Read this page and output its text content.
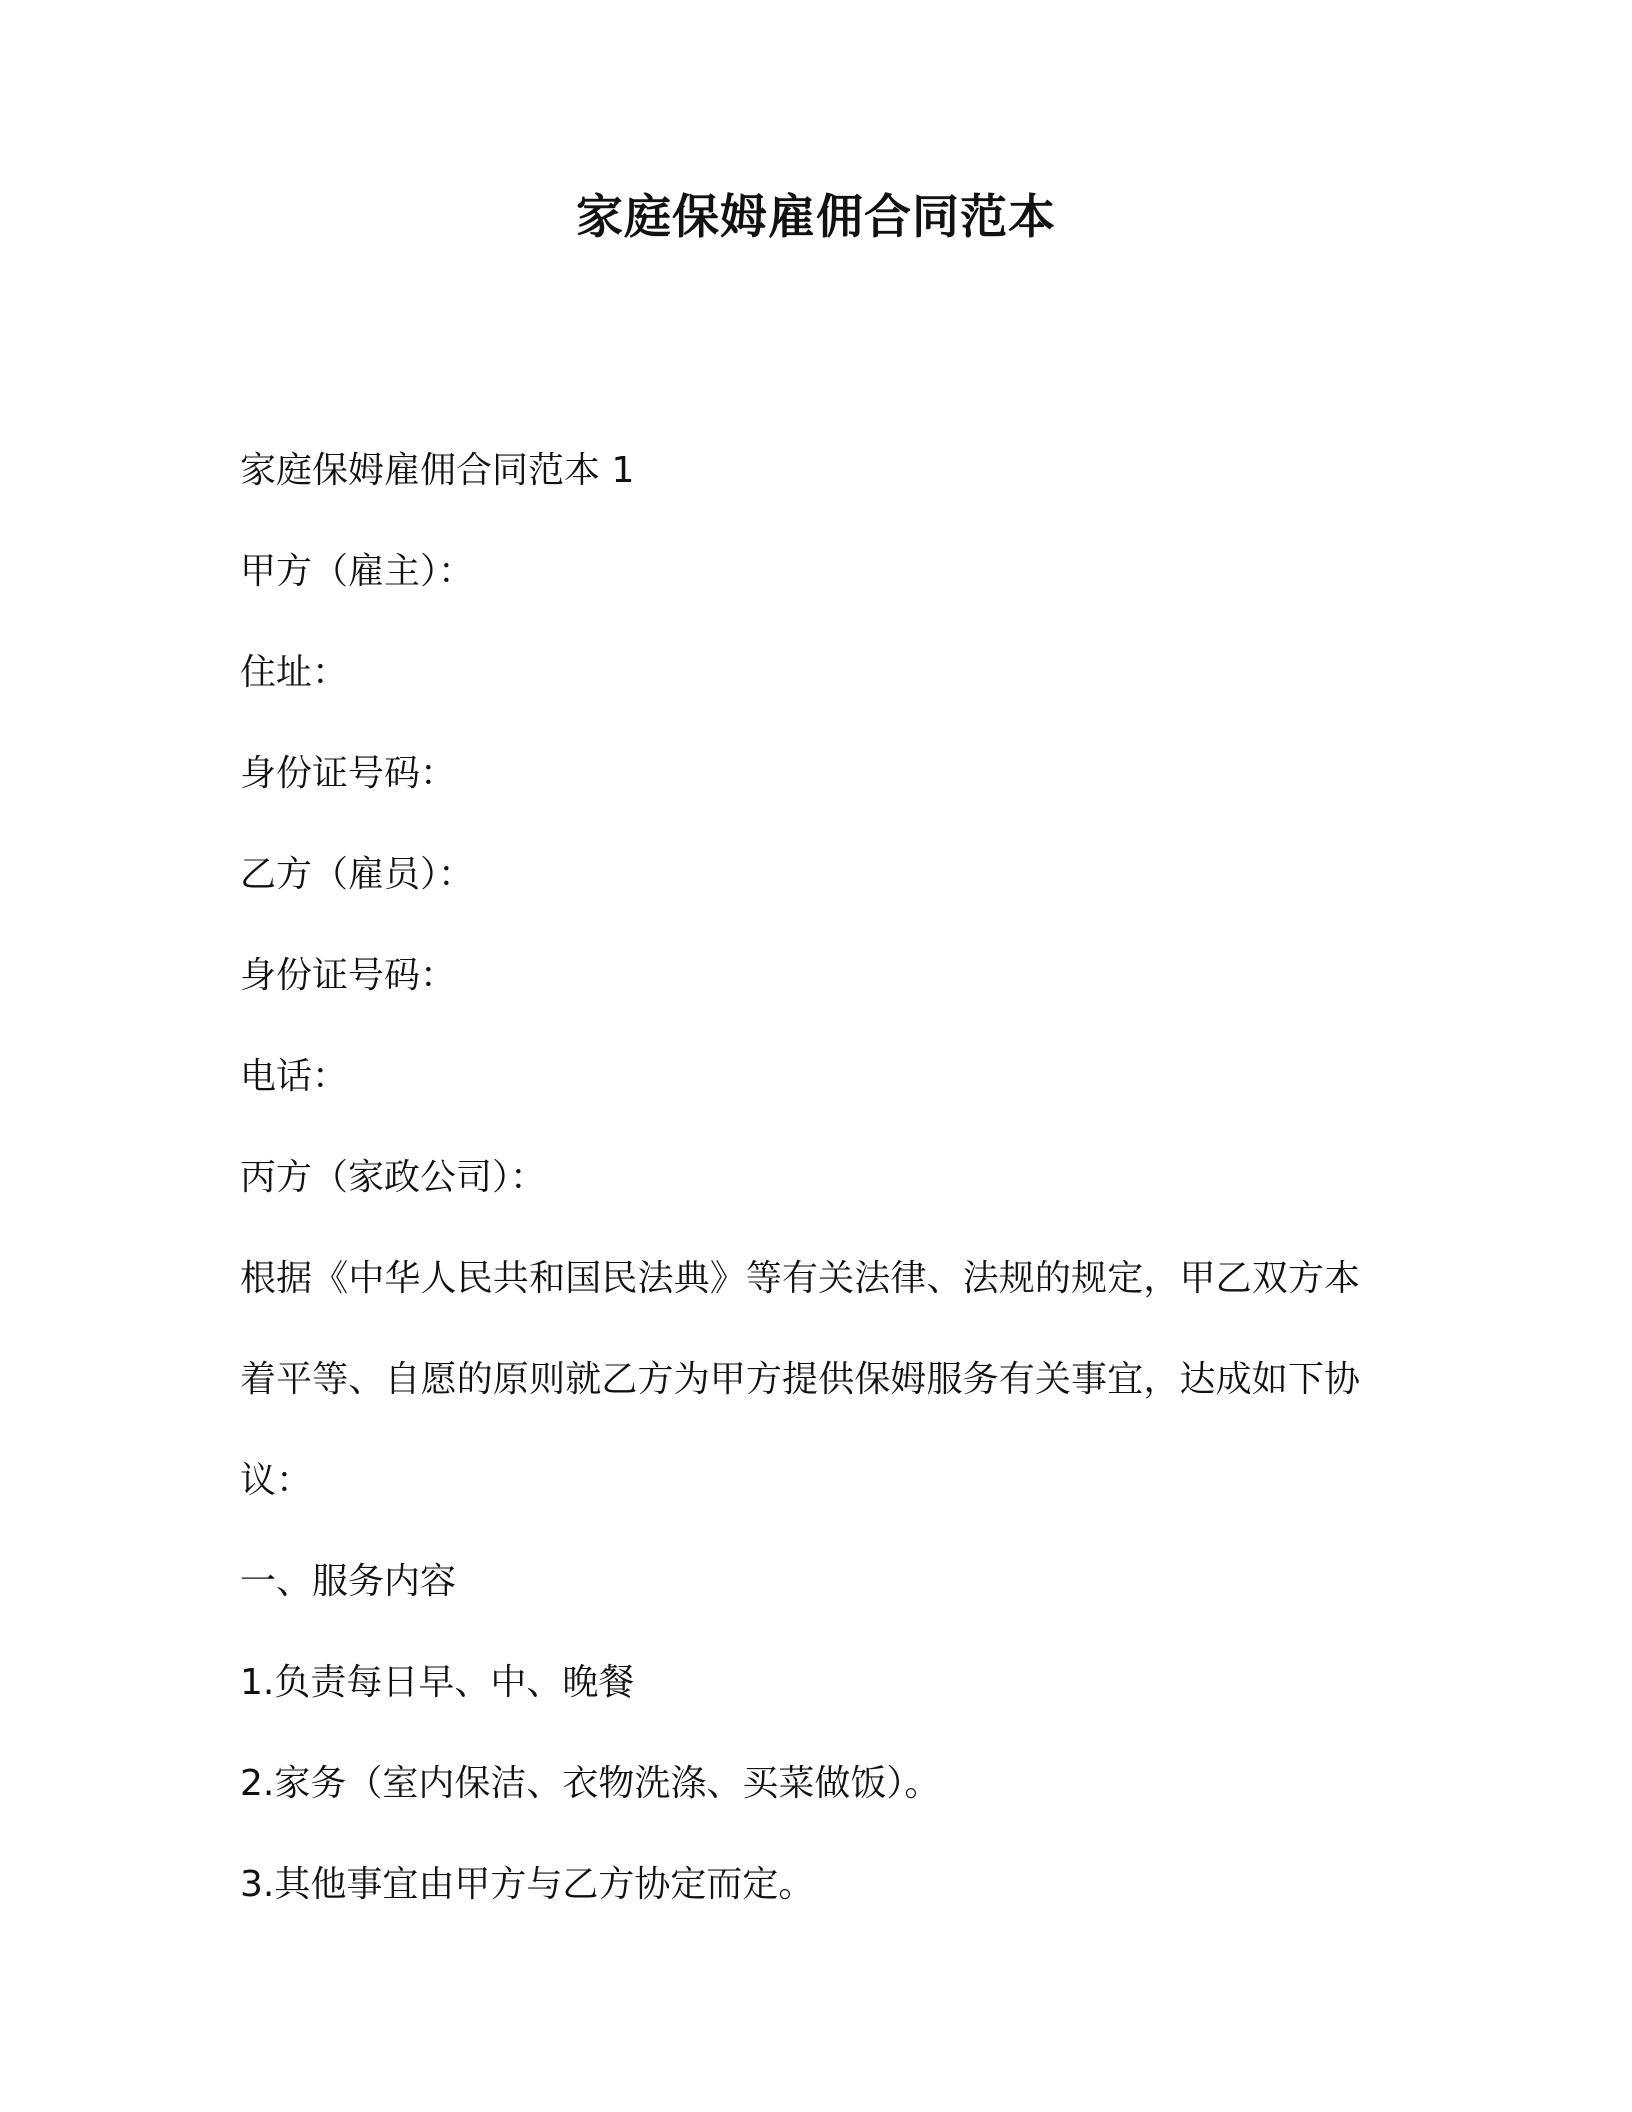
家庭保姆雇佣合同范本

家庭保姆雇佣合同范本 1

甲方（雇主）：

住址：

身份证号码：

乙方（雇员）：

身份证号码：

电话：

丙方（家政公司）：

根据《中华人民共和国民法典》等有关法律、法规的规定，甲乙双方本着平等、自愿的原则就乙方为甲方提供保姆服务有关事宜，达成如下协议：

一、服务内容

1.负责每日早、中、晚餐

2.家务（室内保洁、衣物洗涤、买菜做饭）。

3.其他事宜由甲方与乙方协定而定。
